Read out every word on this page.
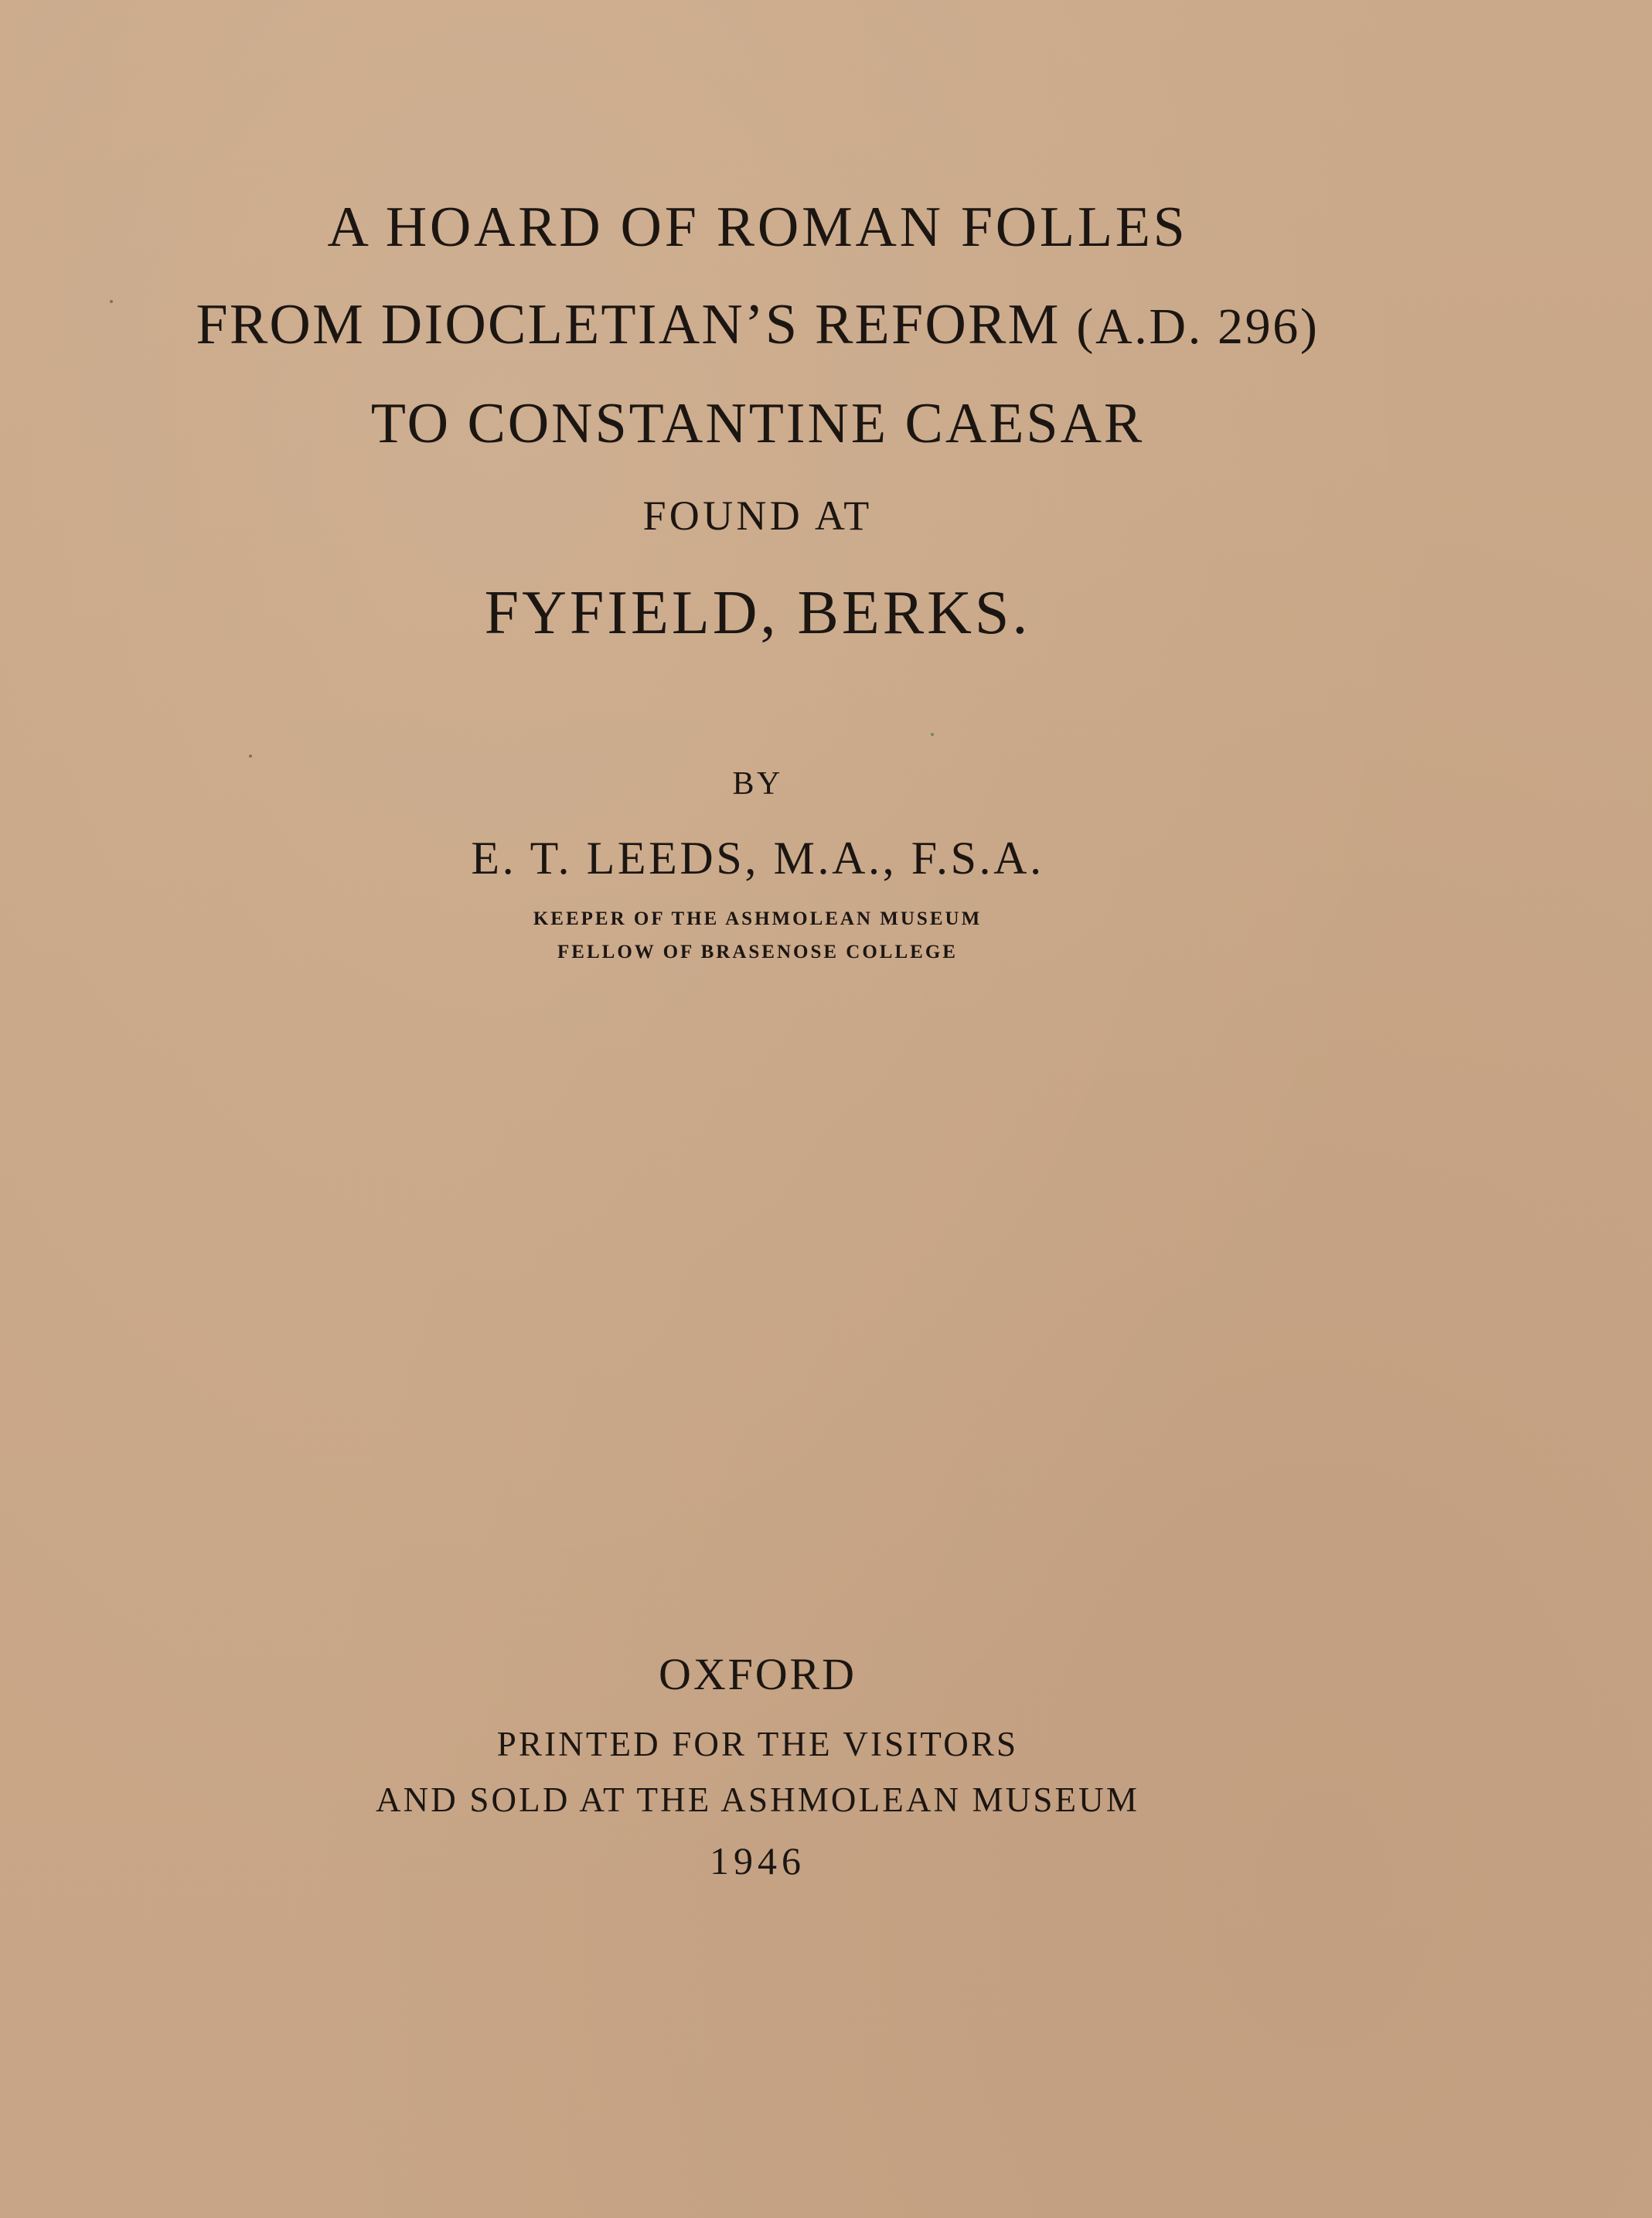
A HOARD OF ROMAN FOLLES
FROM DIOCLETIAN’S REFORM (A.D. 296)
TO CONSTANTINE CAESAR
FOUND AT
FYFIELD, BERKS.
BY
E. T. LEEDS, M.A., F.S.A.
KEEPER OF THE ASHMOLEAN MUSEUM
FELLOW OF BRASENOSE COLLEGE
OXFORD
PRINTED FOR THE VISITORS
AND SOLD AT THE ASHMOLEAN MUSEUM
1946
